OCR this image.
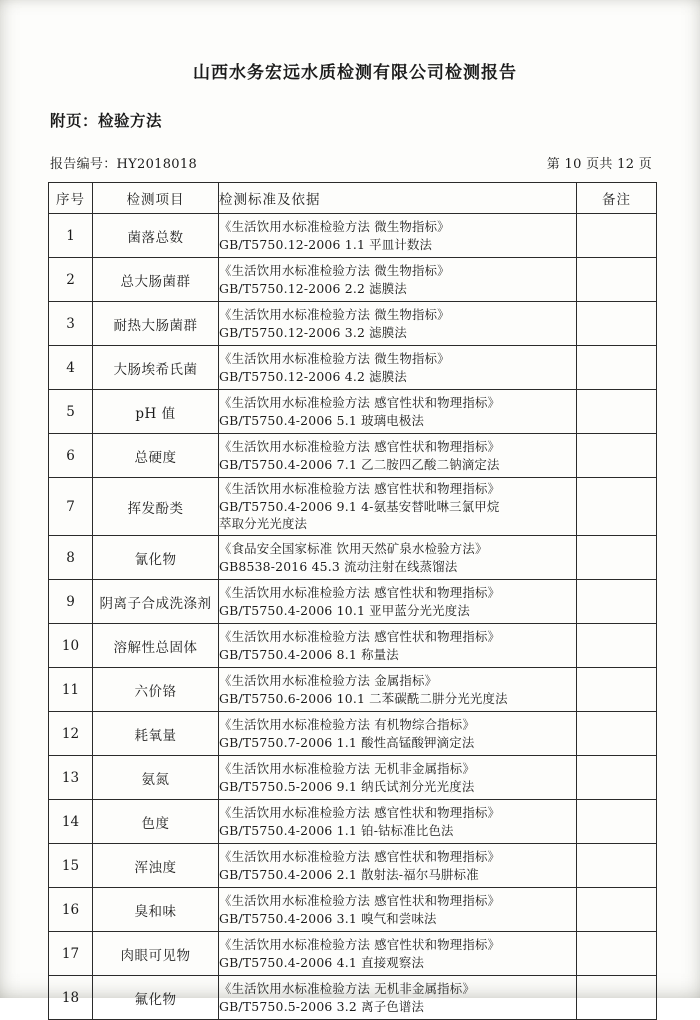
山西水务宏远水质检测有限公司检测报告
附页：检验方法
报告编号：HY2018018	第 10 页共 12 页
序号	检测项目	检测标准及依据	备注
1	菌落总数	《生活饮用水标准检验方法 微生物指标》
GB/T5750.12-2006 1.1 平皿计数法	

2	总大肠菌群	《生活饮用水标准检验方法 微生物指标》
GB/T5750.12-2006 2.2 滤膜法	

3	耐热大肠菌群	《生活饮用水标准检验方法 微生物指标》
GB/T5750.12-2006 3.2 滤膜法	

4	大肠埃希氏菌	《生活饮用水标准检验方法 微生物指标》
GB/T5750.12-2006 4.2 滤膜法	

5	pH 值	《生活饮用水标准检验方法 感官性状和物理指标》
GB/T5750.4-2006 5.1 玻璃电极法	

6	总硬度	《生活饮用水标准检验方法 感官性状和物理指标》
GB/T5750.4-2006 7.1 乙二胺四乙酸二钠滴定法	

7	挥发酚类	《生活饮用水标准检验方法 感官性状和物理指标》
GB/T5750.4-2006 9.1 4-氨基安替吡啉三氯甲烷
萃取分光光度法	

8	氰化物	《食品安全国家标准 饮用天然矿泉水检验方法》
GB8538-2016 45.3 流动注射在线蒸馏法	

9	阴离子合成洗涤剂	《生活饮用水标准检验方法 感官性状和物理指标》
GB/T5750.4-2006 10.1 亚甲蓝分光光度法	

10	溶解性总固体	《生活饮用水标准检验方法 感官性状和物理指标》
GB/T5750.4-2006 8.1 称量法	

11	六价铬	《生活饮用水标准检验方法 金属指标》
GB/T5750.6-2006 10.1 二苯碳酰二肼分光光度法	

12	耗氧量	《生活饮用水标准检验方法 有机物综合指标》
GB/T5750.7-2006 1.1 酸性高锰酸钾滴定法	

13	氨氮	《生活饮用水标准检验方法 无机非金属指标》
GB/T5750.5-2006 9.1 纳氏试剂分光光度法	

14	色度	《生活饮用水标准检验方法 感官性状和物理指标》
GB/T5750.4-2006 1.1 铂-钴标准比色法	

15	浑浊度	《生活饮用水标准检验方法 感官性状和物理指标》
GB/T5750.4-2006 2.1 散射法-福尔马肼标准	

16	臭和味	《生活饮用水标准检验方法 感官性状和物理指标》
GB/T5750.4-2006 3.1 嗅气和尝味法	

17	肉眼可见物	《生活饮用水标准检验方法 感官性状和物理指标》
GB/T5750.4-2006 4.1 直接观察法	

18	氟化物	《生活饮用水标准检验方法 无机非金属指标》
GB/T5750.5-2006 3.2 离子色谱法	
